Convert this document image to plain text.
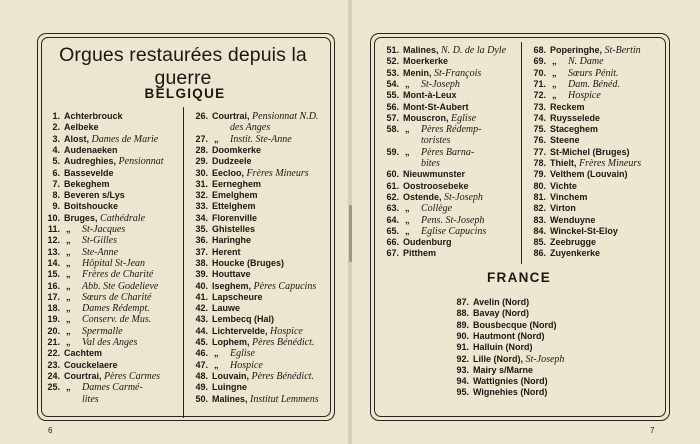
Orgues restaurées depuis la guerre
BELGIQUE
FRANCE
1. Achterbrouck
2. Aelbeke
3. Alost, Dames de Marie
4. Audenaeken
5. Audreghies, Pensionnat
6. Bassevelde
7. Bekeghem
8. Beveren s/Lys
9. Boitshoucke
10. Bruges, Cathédrale
11. „ St-Jacques
12. „ St-Gilles
13. „ Ste-Anne
14. „ Hôpital St-Jean
15. „ Frères de Charité
16. „ Abb. Ste Godelieve
17. „ Sœurs de Charité
18. „ Dames Rédempt.
19. „ Conserv. de Mus.
20. „ Spermalle
21. „ Val des Anges
22. Cachtem
23. Couckelaere
24. Courtrai, Pères Carmes
25. „ Dames Carmé-
lites
26. Courtrai, Pensionnat N.D.
des Anges
27. „ Instit. Ste-Anne
28. Doomkerke
29. Dudzeele
30. Eecloo, Frères Mineurs
31. Eerneghem
32. Emelghem
33. Ettelghem
34. Florenville
35. Ghistelles
36. Haringhe
37. Herent
38. Houcke (Bruges)
39. Houttave
40. Iseghem, Pères Capucins
41. Lapscheure
42. Lauwe
43. Lembecq (Hal)
44. Lichtervelde, Hospice
45. Lophem, Pères Bénédict.
46. „ Eglise
47. „ Hospice
48. Louvain, Pères Bénédict.
49. Luingne
50. Malines, Institut Lemmens
51. Malines, N. D. de la Dyle
52. Moerkerke
53. Menin, St-François
54. „ St-Joseph
55. Mont-à-Leux
56. Mont-St-Aubert
57. Mouscron, Eglise
58. „ Pères Rédemp-
toristes
59. „ Pères Barna-
bites
60. Nieuwmunster
61. Oostroosebeke
62. Ostende, St-Joseph
63. „ Collège
64. „ Pens. St-Joseph
65. „ Eglise Capucins
66. Oudenburg
67. Pitthem
68. Poperinghe, St-Bertin
69. „ N. Dame
70. „ Sœurs Pénit.
71. „ Dam. Bénéd.
72. „ Hospice
73. Reckem
74. Ruysselede
75. Staceghem
76. Steene
77. St-Michel (Bruges)
78. Thielt, Frères Mineurs
79. Velthem (Louvain)
80. Vichte
81. Vinchem
82. Virton
83. Wenduyne
84. Winckel-St-Eloy
85. Zeebrugge
86. Zuyenkerke
87. Avelin (Nord)
88. Bavay (Nord)
89. Bousbecque (Nord)
90. Hautmont (Nord)
91. Halluin (Nord)
92. Lille (Nord), St-Joseph
93. Mairy s/Marne
94. Wattignies (Nord)
95. Wignehies (Nord)
6	7
